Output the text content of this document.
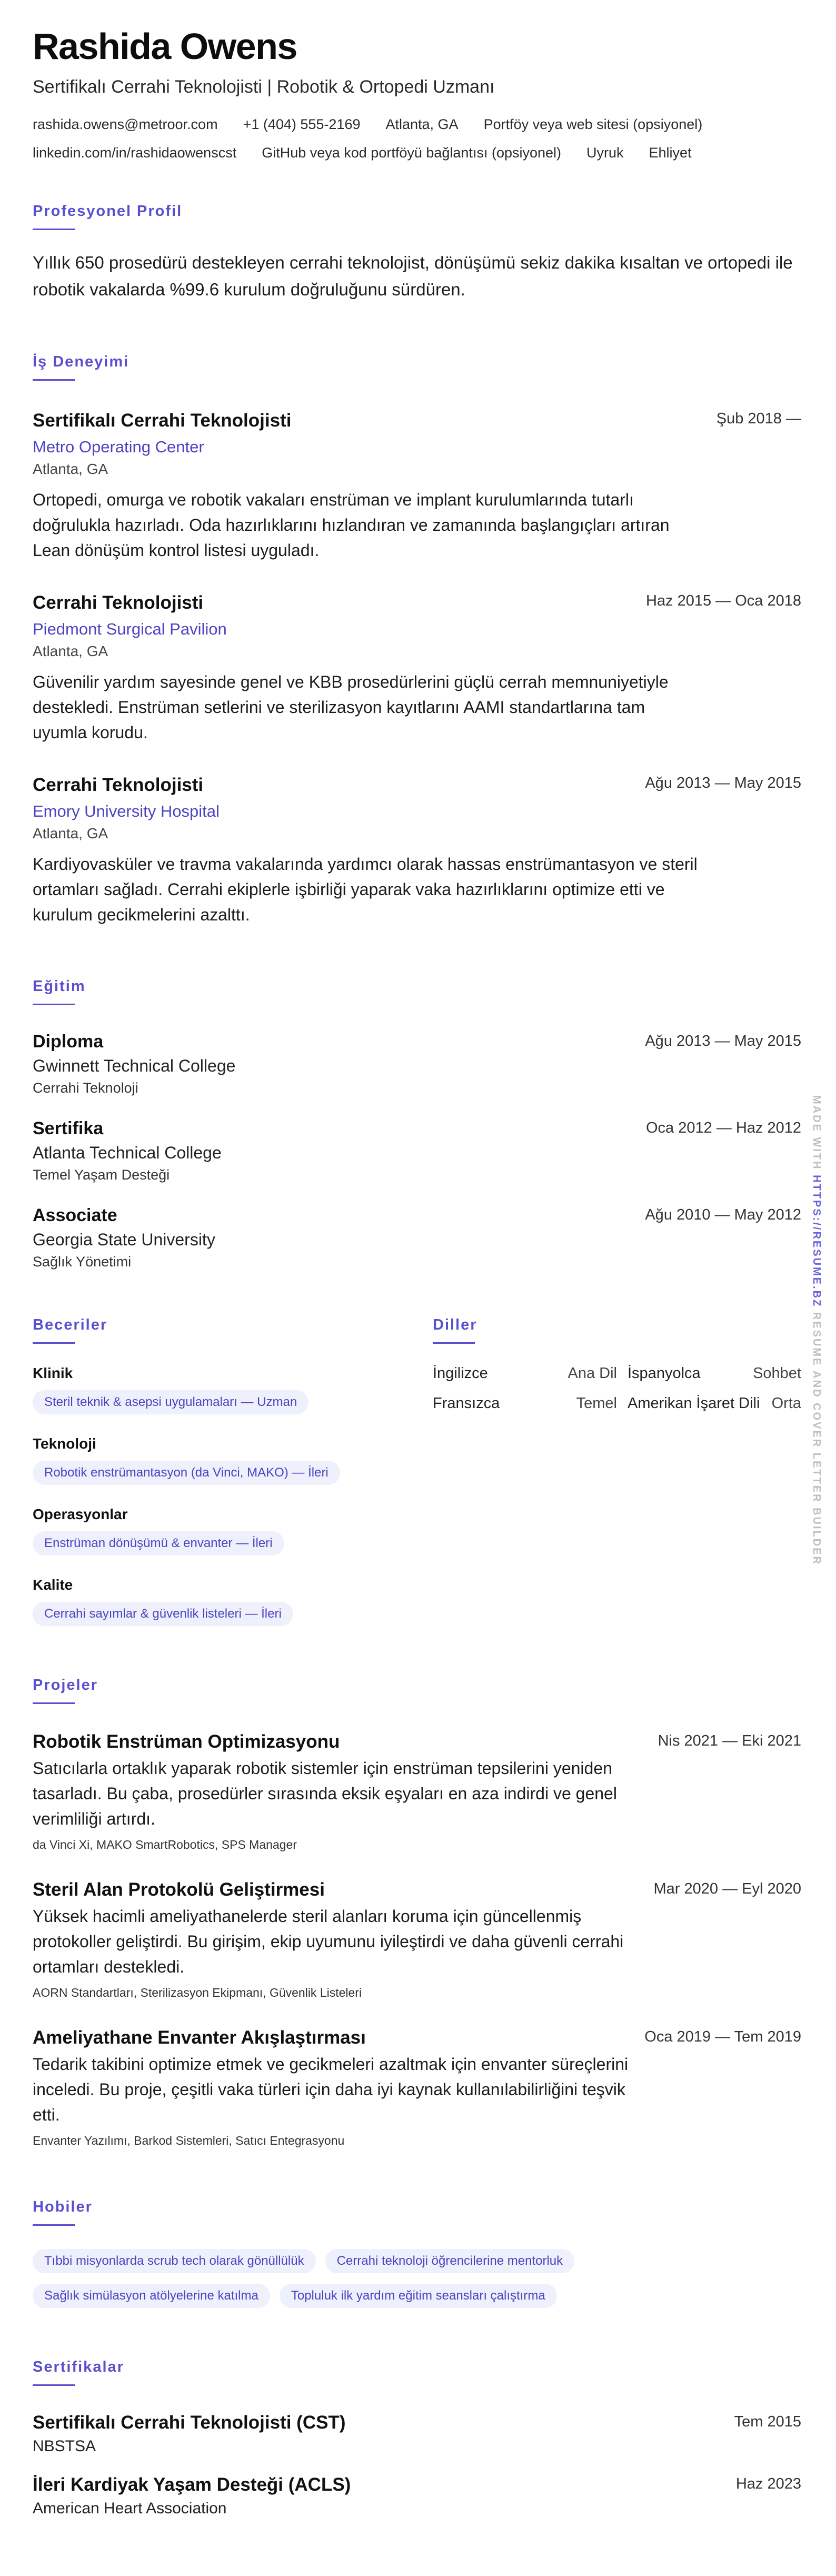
Rashida Owens
Sertifikalı Cerrahi Teknolojisti | Robotik & Ortopedi Uzmanı
rashida.owens@metroor.com +1 (404) 555-2169 Atlanta, GA Portföy veya web sitesi (opsiyonel)
linkedin.com/in/rashidaowenscst GitHub veya kod portföyü bağlantısı (opsiyonel) Uyruk Ehliyet
Profesyonel Profil
Yıllık 650 prosedürü destekleyen cerrahi teknolojist, dönüşümü sekiz dakika kısaltan ve ortopedi ile robotik vakalarda %99.6 kurulum doğruluğunu sürdüren.
İş Deneyimi
Şub 2018 —
Sertifikalı Cerrahi Teknolojisti
Metro Operating Center
Atlanta, GA
Ortopedi, omurga ve robotik vakaları enstrüman ve implant kurulumlarında tutarlı doğrulukla hazırladı. Oda hazırlıklarını hızlandıran ve zamanında başlangıçları artıran Lean dönüşüm kontrol listesi uyguladı.
Haz 2015 — Oca 2018
Cerrahi Teknolojisti
Piedmont Surgical Pavilion
Atlanta, GA
Güvenilir yardım sayesinde genel ve KBB prosedürlerini güçlü cerrah memnuniyetiyle destekledi. Enstrüman setlerini ve sterilizasyon kayıtlarını AAMI standartlarına tam uyumla korudu.
Ağu 2013 — May 2015
Cerrahi Teknolojisti
Emory University Hospital
Atlanta, GA
Kardiyovasküler ve travma vakalarında yardımcı olarak hassas enstrümantasyon ve steril ortamları sağladı. Cerrahi ekiplerle işbirliği yaparak vaka hazırlıklarını optimize etti ve kurulum gecikmelerini azalttı.
Eğitim
Ağu 2013 — May 2015
Diploma
Gwinnett Technical College
Cerrahi Teknoloji
Oca 2012 — Haz 2012
Sertifika
Atlanta Technical College
Temel Yaşam Desteği
Ağu 2010 — May 2012
Associate
Georgia State University
Sağlık Yönetimi
Beceriler
Klinik
Steril teknik & asepsi uygulamaları — Uzman
Teknoloji
Robotik enstrümantasyon (da Vinci, MAKO) — İleri
Operasyonlar
Enstrüman dönüşümü & envanter — İleri
Kalite
Cerrahi sayımlar & güvenlik listeleri — İleri
Diller
İngilizce	Ana Dil İspanyolca	Sohbet
Fransızca	Temel Amerikan İşaret Dili Orta
Projeler
Nis 2021 — Eki 2021
Robotik Enstrüman Optimizasyonu
Satıcılarla ortaklık yaparak robotik sistemler için enstrüman tepsilerini yeniden tasarladı. Bu çaba, prosedürler sırasında eksik eşyaları en aza indirdi ve genel verimliliği artırdı.
da Vinci Xi, MAKO SmartRobotics, SPS Manager
Mar 2020 — Eyl 2020
Steril Alan Protokolü Geliştirmesi
Yüksek hacimli ameliyathanelerde steril alanları koruma için güncellenmiş protokoller geliştirdi. Bu girişim, ekip uyumunu iyileştirdi ve daha güvenli cerrahi ortamları destekledi.
AORN Standartları, Sterilizasyon Ekipmanı, Güvenlik Listeleri
Oca 2019 — Tem 2019
Ameliyathane Envanter Akışlaştırması
Tedarik takibini optimize etmek ve gecikmeleri azaltmak için envanter süreçlerini inceledi. Bu proje, çeşitli vaka türleri için daha iyi kaynak kullanılabilirliğini teşvik etti.
Envanter Yazılımı, Barkod Sistemleri, Satıcı Entegrasyonu
Hobiler
Tıbbi misyonlarda scrub tech olarak gönüllülük	Cerrahi teknoloji öğrencilerine mentorluk
Sağlık simülasyon atölyelerine katılma	Topluluk ilk yardım eğitim seansları çalıştırma
Sertifikalar
Tem 2015
Sertifikalı Cerrahi Teknolojisti (CST)
NBSTSA
Haz 2023
İleri Kardiyak Yaşam Desteği (ACLS)
American Heart Association
MADE WITH HTTPS://RESUME.BZ RESUME AND COVER LETTER BUILDER
